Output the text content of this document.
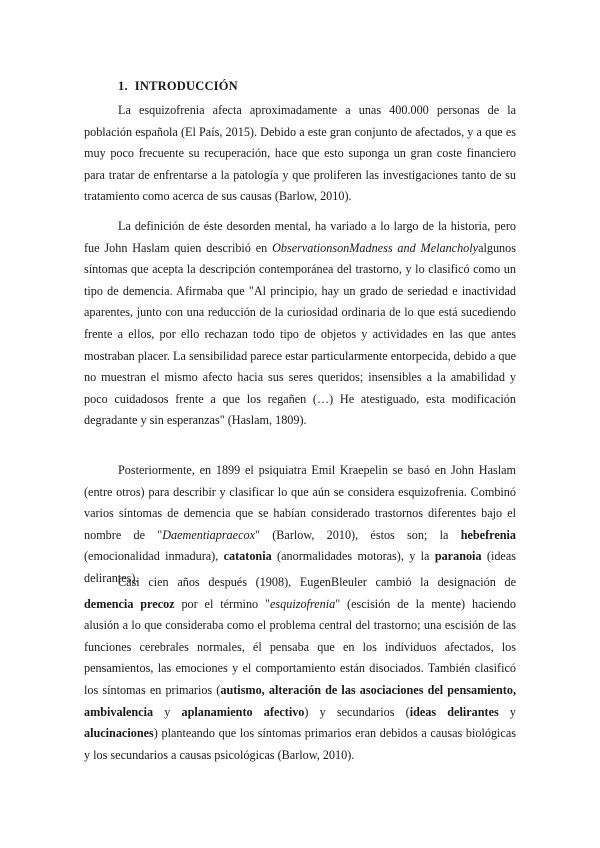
1. INTRODUCCIÓN

La esquizofrenia afecta aproximadamente a unas 400.000 personas de la población española (El País, 2015). Debido a este gran conjunto de afectados, y a que es muy poco frecuente su recuperación, hace que esto suponga un gran coste financiero para tratar de enfrentarse a la patología y que proliferen las investigaciones tanto de su tratamiento como acerca de sus causas (Barlow, 2010).

La definición de éste desorden mental, ha variado a lo largo de la historia, pero fue John Haslam quien describió en ObservationsonMadness and Melancholyalgunos síntomas que acepta la descripción contemporánea del trastorno, y lo clasificó como un tipo de demencia. Afirmaba que "Al principio, hay un grado de seriedad e inactividad aparentes, junto con una reducción de la curiosidad ordinaria de lo que está sucediendo frente a ellos, por ello rechazan todo tipo de objetos y actividades en las que antes mostraban placer. La sensibilidad parece estar particularmente entorpecida, debido a que no muestran el mismo afecto hacia sus seres queridos; insensibles a la amabilidad y poco cuidadosos frente a que los regañen (…) He atestiguado, esta modificación degradante y sin esperanzas" (Haslam, 1809).

Posteriormente, en 1899 el psiquiatra Emil Kraepelin se basó en John Haslam (entre otros) para describir y clasificar lo que aún se considera esquizofrenia. Combinó varios síntomas de demencia que se habían considerado trastornos diferentes bajo el nombre de "Daementiapraecox" (Barlow, 2010), éstos son; la hebefrenia (emocionalidad inmadura), catatonia (anormalidades motoras), y la paranoia (ideas delirantes).

Casi cien años después (1908), EugenBleuler cambió la designación de demencia precoz por el término "esquizofrenia" (escisión de la mente) haciendo alusión a lo que consideraba como el problema central del trastorno; una escisión de las funciones cerebrales normales, él pensaba que en los individuos afectados, los pensamientos, las emociones y el comportamiento están disociados. También clasificó los síntomas en primarios (autismo, alteración de las asociaciones del pensamiento, ambivalencia y aplanamiento afectivo) y secundarios (ideas delirantes y alucinaciones) planteando que los síntomas primarios eran debidos a causas biológicas y los secundarios a causas psicológicas (Barlow, 2010).
